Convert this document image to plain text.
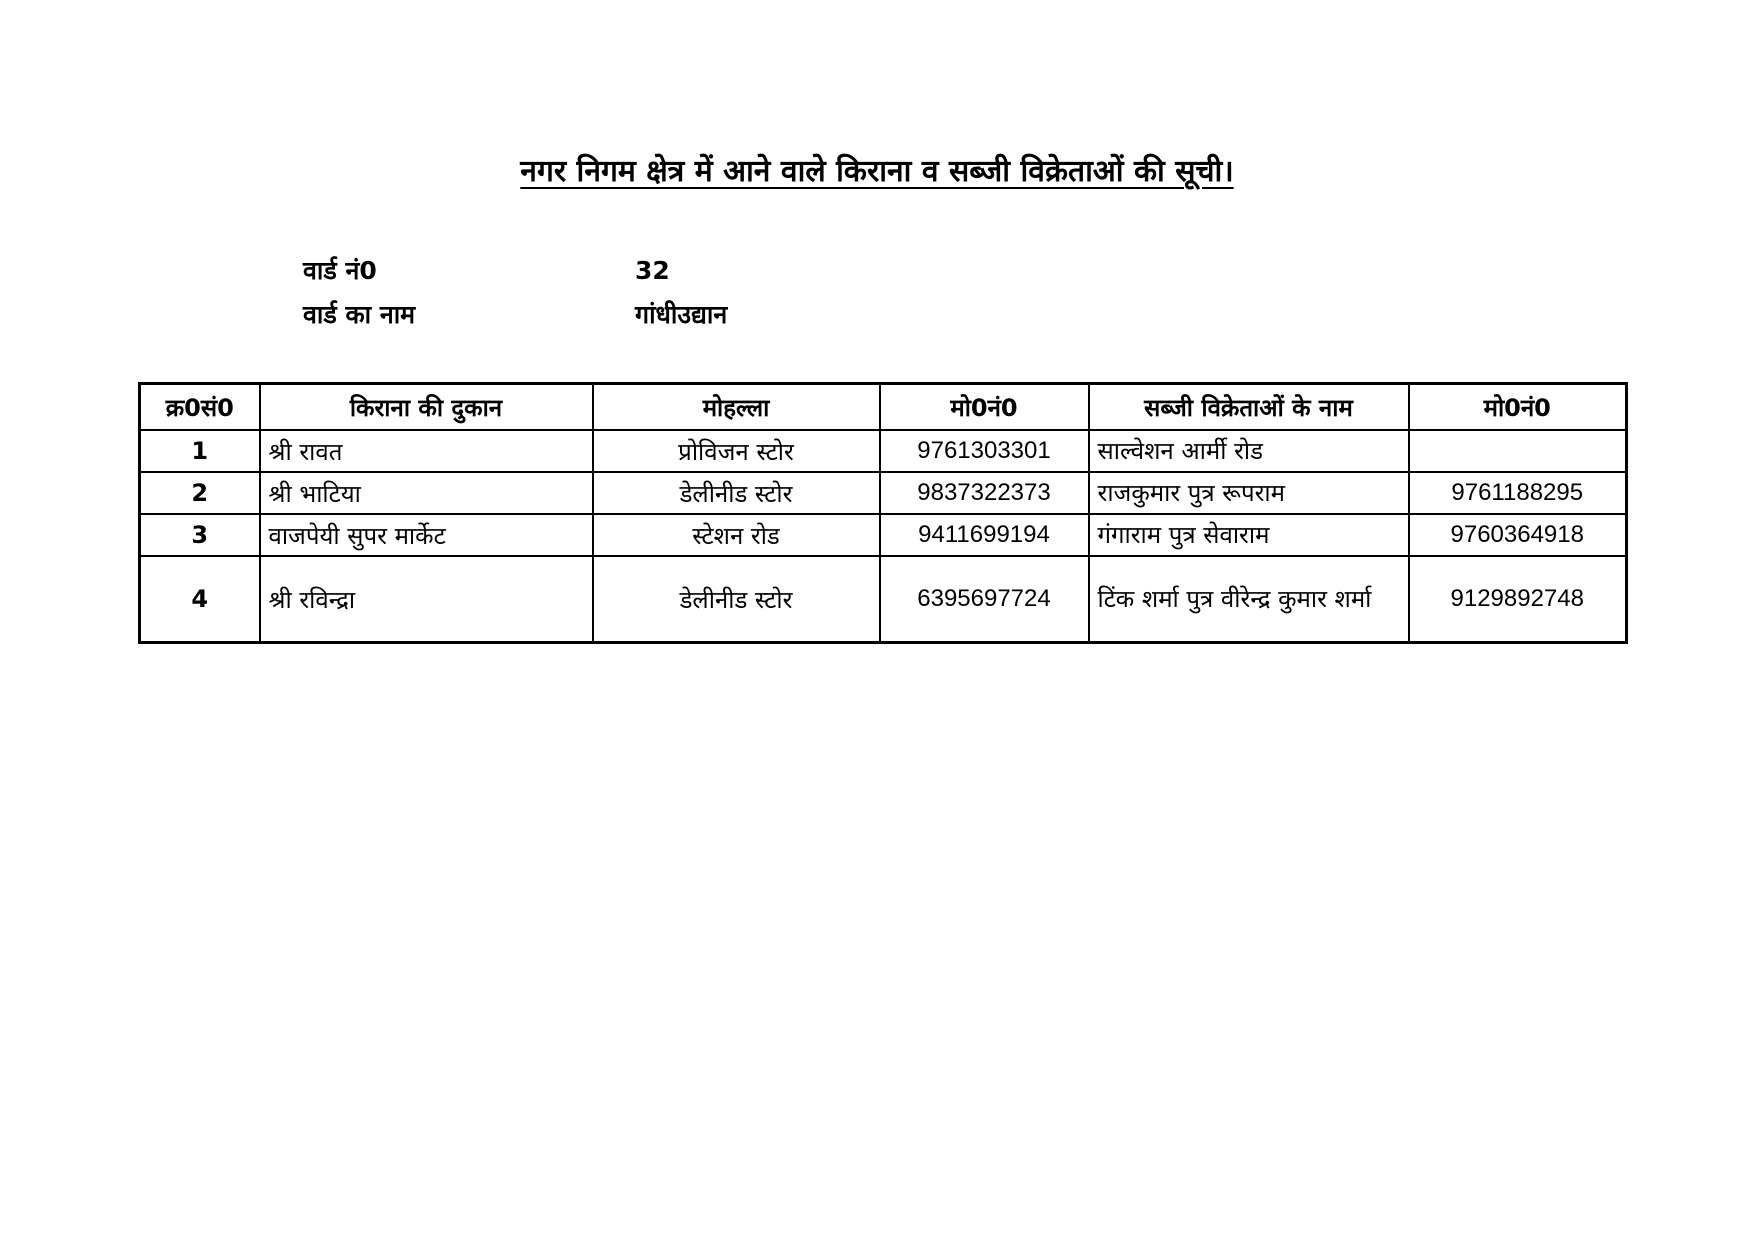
नगर निगम क्षेत्र में आने वाले किराना व सब्जी विक्रेताओं की सूची।
वार्ड नं0	32
वार्ड का नाम	गांधीउद्यान
क्र0सं0	किराना की दुकान	मोहल्ला	मो0नं0	सब्जी विक्रेताओं के नाम	मो0नं0
1	श्री रावत	प्रोविजन स्टोर	9761303301	साल्वेशन आर्मी रोड	
2	श्री भाटिया	डेलीनीड स्टोर	9837322373	राजकुमार पुत्र रूपराम	9761188295
3	वाजपेयी सुपर मार्केट	स्टेशन रोड	9411699194	गंगाराम पुत्र सेवाराम	9760364918
4	श्री रविन्द्रा	डेलीनीड स्टोर	6395697724	टिंक शर्मा पुत्र वीरेन्द्र कुमार शर्मा	9129892748
